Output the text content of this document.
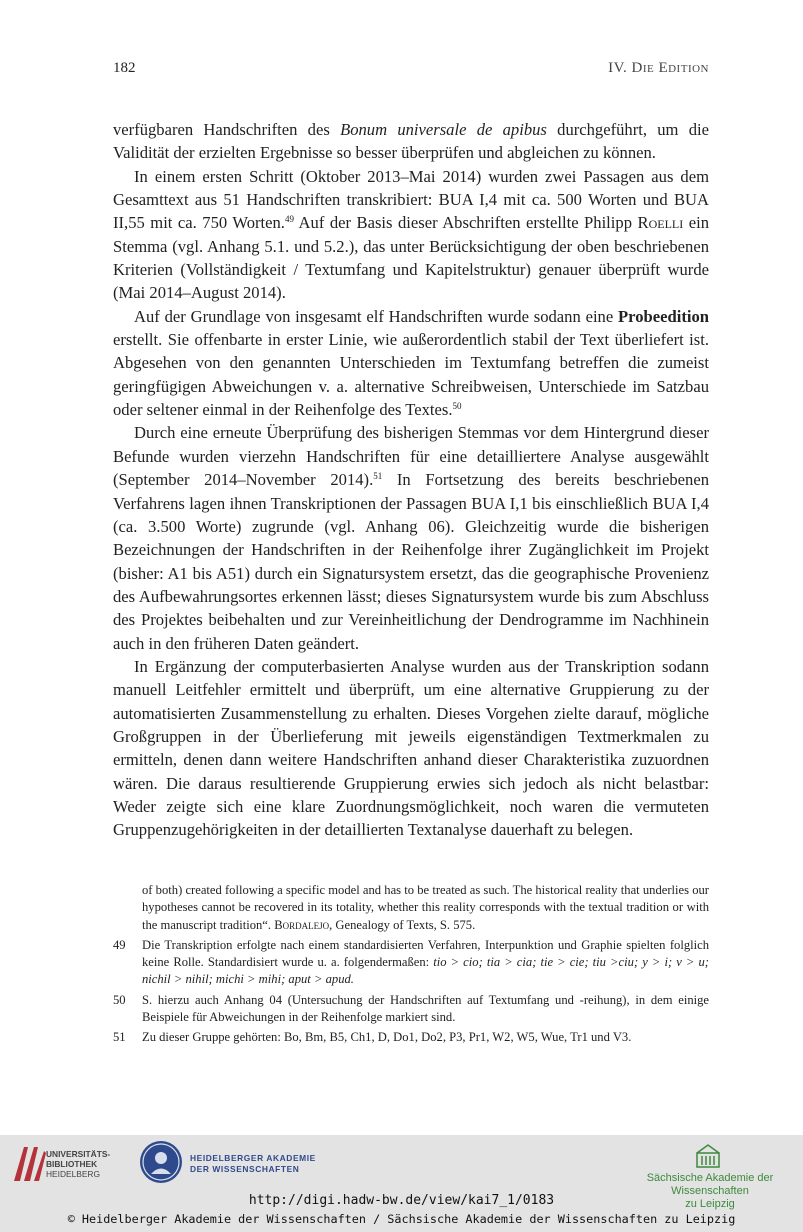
182	IV. Die Edition

verfügbaren Handschriften des Bonum universale de apibus durchgeführt, um die Validität der erzielten Ergebnisse so besser überprüfen und abgleichen zu können.

In einem ersten Schritt (Oktober 2013–Mai 2014) wurden zwei Passagen aus dem Gesamttext aus 51 Handschriften transkribiert: BUA I,4 mit ca. 500 Worten und BUA II,55 mit ca. 750 Worten.$^{49}$ Auf der Basis dieser Abschriften erstellte Philipp Roelli ein Stemma (vgl. Anhang 5.1. und 5.2.), das unter Berücksichtigung der oben beschriebenen Kriterien (Vollständigkeit / Textumfang und Kapitelstruktur) genauer überprüft wurde (Mai 2014–August 2014).

Auf der Grundlage von insgesamt elf Handschriften wurde sodann eine Probeedition erstellt. Sie offenbarte in erster Linie, wie außerordentlich stabil der Text überliefert ist. Abgesehen von den genannten Unterschieden im Textumfang betreffen die zumeist geringfügigen Abweichungen v. a. alternative Schreibweisen, Unterschiede im Satzbau oder seltener einmal in der Reihenfolge des Textes.$^{50}$

Durch eine erneute Überprüfung des bisherigen Stemmas vor dem Hintergrund dieser Befunde wurden vierzehn Handschriften für eine detailliertere Analyse ausgewählt (September 2014–November 2014).$^{51}$ In Fortsetzung des bereits beschriebenen Verfahrens lagen ihnen Transkriptionen der Passagen BUA I,1 bis einschließlich BUA I,4 (ca. 3.500 Worte) zugrunde (vgl. Anhang 06). Gleichzeitig wurde die bisherigen Bezeichnungen der Handschriften in der Reihenfolge ihrer Zugänglichkeit im Projekt (bisher: A1 bis A51) durch ein Signatursystem ersetzt, das die geographische Provenienz des Aufbewahrungsortes erkennen lässt; dieses Signatursystem wurde bis zum Abschluss des Projektes beibehalten und zur Vereinheitlichung der Dendrogramme im Nachhinein auch in den früheren Daten geändert.

In Ergänzung der computerbasierten Analyse wurden aus der Transkription sodann manuell Leitfehler ermittelt und überprüft, um eine alternative Gruppierung zu der automatisierten Zusammenstellung zu erhalten. Dieses Vorgehen zielte darauf, mögliche Großgruppen in der Überlieferung mit jeweils eigenständigen Textmerkmalen zu ermitteln, denen dann weitere Handschriften anhand dieser Charakteristika zuzuordnen wären. Die daraus resultierende Gruppierung erwies sich jedoch als nicht belastbar: Weder zeigte sich eine klare Zuordnungsmöglichkeit, noch waren die vermuteten Gruppenzugehörigkeiten in der detaillierten Textanalyse dauerhaft zu belegen.

of both) created following a specific model and has to be treated as such. The historical reality that underlies our hypotheses cannot be recovered in its totality, whether this reality corresponds with the textual tradition or with the manuscript tradition“. Bordalejo, Genealogy of Texts, S. 575.
49 Die Transkription erfolgte nach einem standardisierten Verfahren, Interpunktion und Graphie spielten folglich keine Rolle. Standardisiert wurde u. a. folgendermaßen: tio > cio; tia > cia; tie > cie; tiu >ciu; y > i; v > u; nichil > nihil; michi > mihi; aput > apud.
50 S. hierzu auch Anhang 04 (Untersuchung der Handschriften auf Textumfang und -reihung), in dem einige Beispiele für Abweichungen in der Reihenfolge markiert sind.
51 Zu dieser Gruppe gehörten: Bo, Bm, B5, Ch1, D, Do1, Do2, P3, Pr1, W2, W5, Wue, Tr1 und V3.
UNIVERSITÄTS-
BIBLIOTHEK
HEIDELBERG
HEIDELBERGER AKADEMIE
DER WISSENSCHAFTEN
Sächsische Akademie der Wissenschaften
zu Leipzig
http://digi.hadw-bw.de/view/kai7_1/0183
© Heidelberger Akademie der Wissenschaften / Sächsische Akademie der Wissenschaften zu Leipzig
